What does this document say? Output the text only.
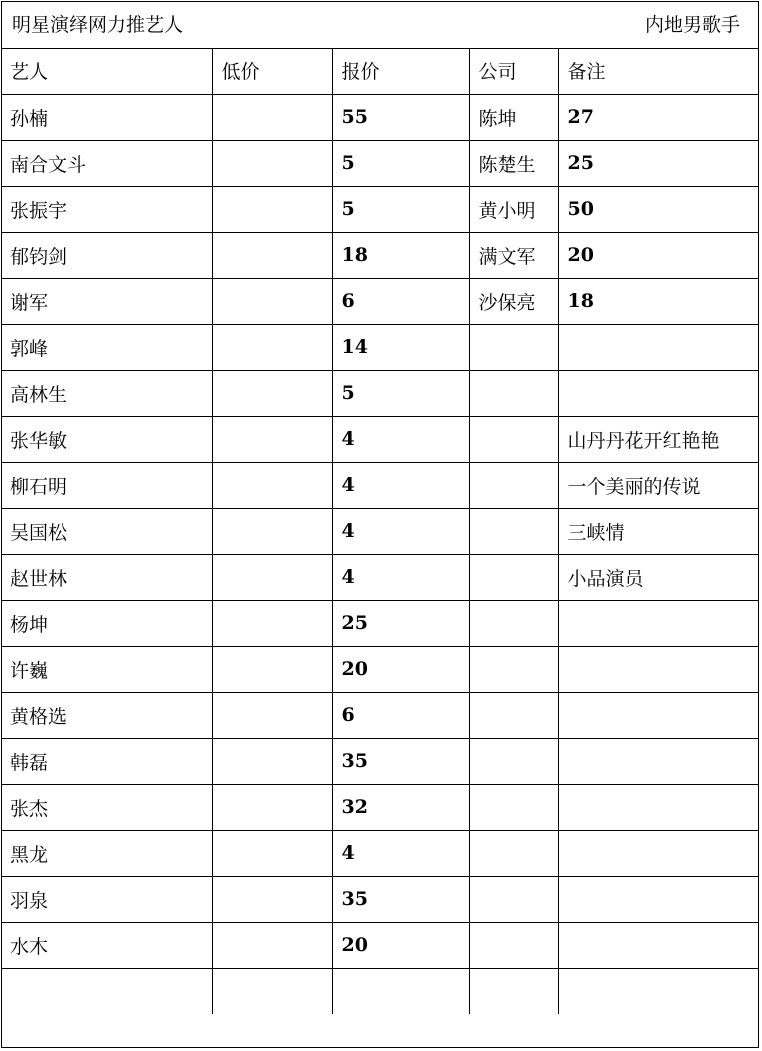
明星演绎网力推艺人	内地男歌手
艺人	低价	报价	公司	备注
孙楠		55	陈坤	27
南合文斗		5	陈楚生	25
张振宇		5	黄小明	50
郁钧剑		18	满文军	20
谢军		6	沙保亮	18
郭峰		14		
高林生		5		
张华敏		4		山丹丹花开红艳艳
柳石明		4		一个美丽的传说
吴国松		4		三峡情
赵世林		4		小品演员
杨坤		25		
许巍		20		
黄格选		6		
韩磊		35		
张杰		32		
黑龙		4		
羽泉		35		
水木		20		
